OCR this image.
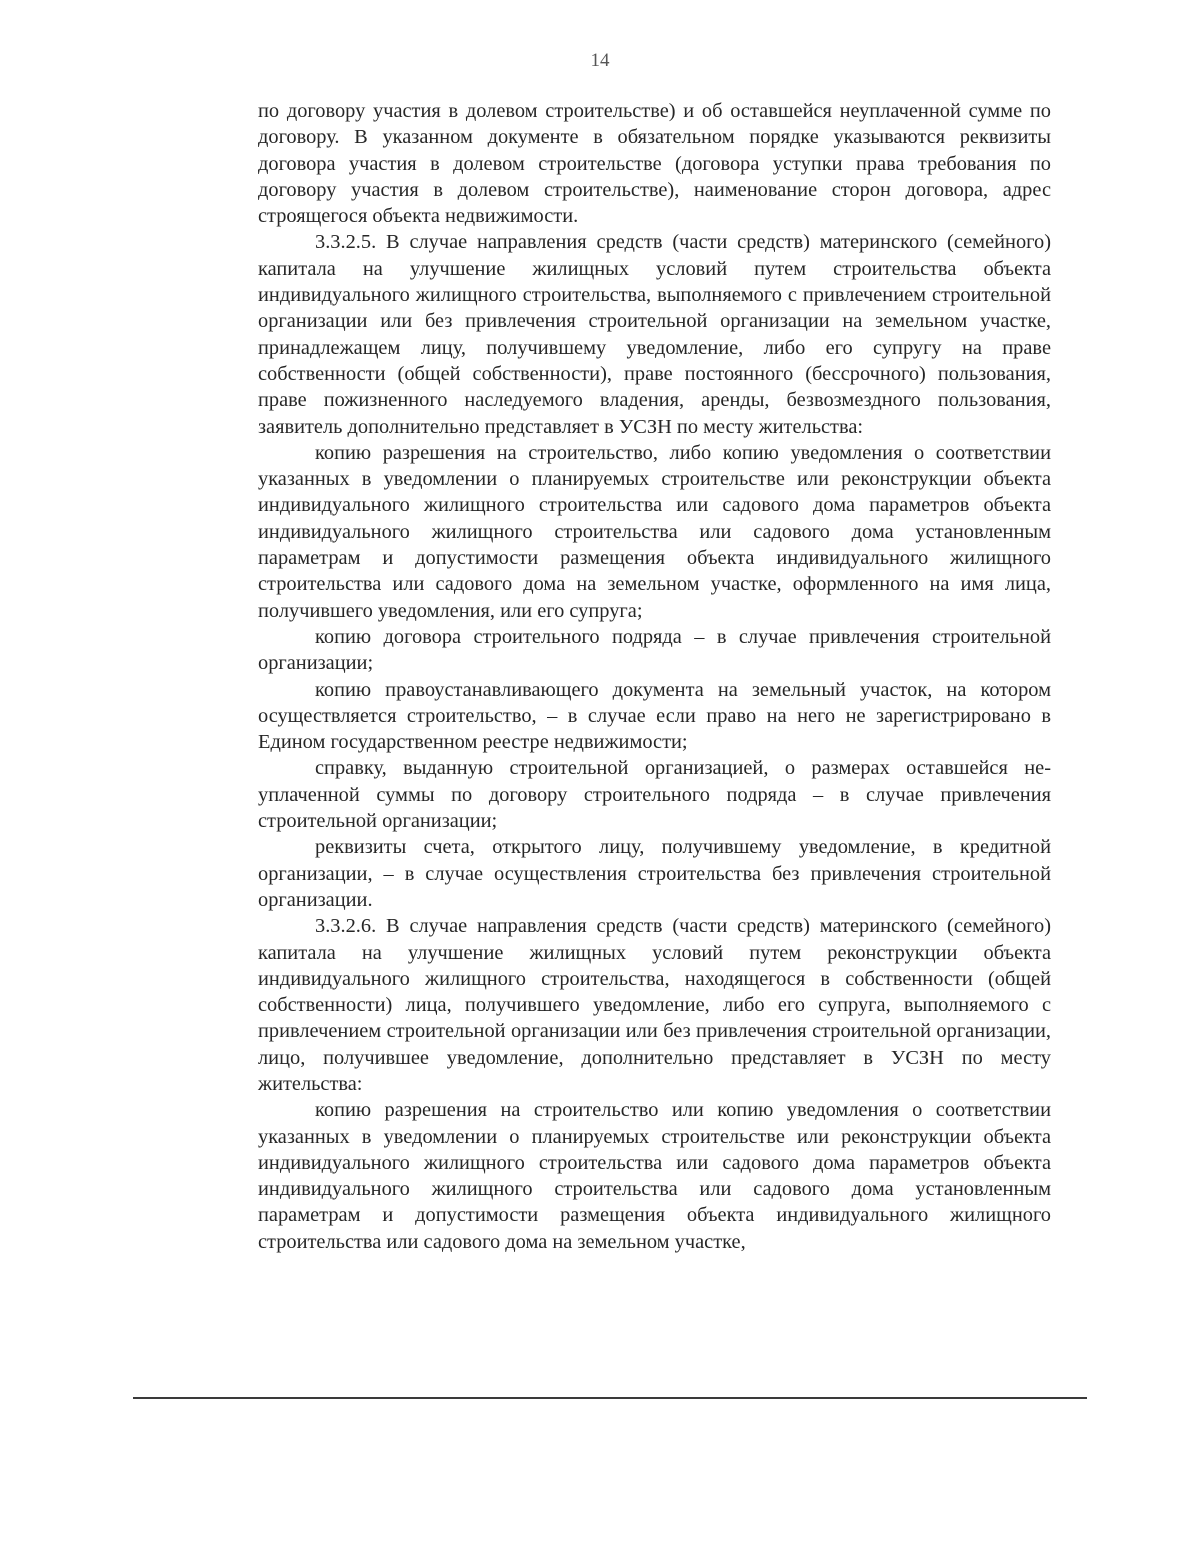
14

по договору участия в долевом строительстве) и об оставшейся неуплаченной сумме по договору. В указанном документе в обязательном порядке указываются реквизиты договора участия в долевом строительстве (договора уступки права требования по договору участия в долевом строительстве), наименование сторон договора, адрес строящегося объекта недвижимости.

3.3.2.5. В случае направления средств (части средств) материнского (семейного) капитала на улучшение жилищных условий путем строительства объекта индивидуального жилищного строительства, выполняемого с привлечением строительной организации или без привлечения строительной организации на земельном участке, принадлежащем лицу, получившему уведомление, либо его супругу на праве собственности (общей собственности), праве постоянного (бессрочного) пользования, праве пожизненного наследуемого владения, аренды, безвозмездного пользования, заявитель дополнительно представляет в УСЗН по месту жительства:

копию разрешения на строительство, либо копию уведомления о соответствии указанных в уведомлении о планируемых строительстве или реконструкции объекта индивидуального жилищного строительства или садового дома параметров объекта индивидуального жилищного строительства или садового дома установленным параметрам и допустимости размещения объекта индивидуального жилищного строительства или садового дома на земельном участке, оформленного на имя лица, получившего уведомления, или его супруга;

копию договора строительного подряда – в случае привлечения строительной организации;

копию правоустанавливающего документа на земельный участок, на котором осуществляется строительство, – в случае если право на него не зарегистрировано в Едином государственном реестре недвижимости;

справку, выданную строительной организацией, о размерах оставшейся неуплаченной суммы по договору строительного подряда – в случае привлечения строительной организации;

реквизиты счета, открытого лицу, получившему уведомление, в кредитной организации, – в случае осуществления строительства без привлечения строительной организации.

3.3.2.6. В случае направления средств (части средств) материнского (семейного) капитала на улучшение жилищных условий путем реконструкции объекта индивидуального жилищного строительства, находящегося в собственности (общей собственности) лица, получившего уведомление, либо его супруга, выполняемого с привлечением строительной организации или без привлечения строительной организации, лицо, получившее уведомление, дополнительно представляет в УСЗН по месту жительства:

копию разрешения на строительство или копию уведомления о соответствии указанных в уведомлении о планируемых строительстве или реконструкции объекта индивидуального жилищного строительства или садового дома параметров объекта индивидуального жилищного строительства или садового дома установленным параметрам и допустимости размещения объекта индивидуального жилищного строительства или садового дома на земельном участке,
